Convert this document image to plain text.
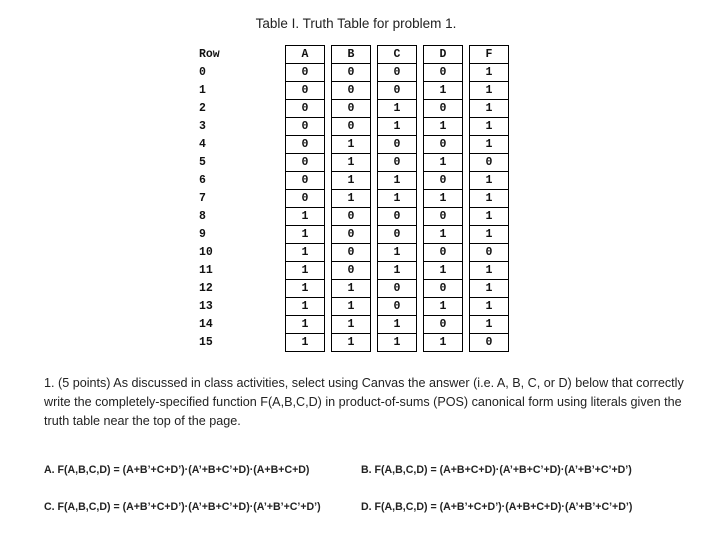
Table I. Truth Table for problem 1.
Row		A		B		C		D		F
0		0		0		0		0		1
1		0		0		0		1		1
2		0		0		1		0		1
3		0		0		1		1		1
4		0		1		0		0		1
5		0		1		0		1		0
6		0		1		1		0		1
7		0		1		1		1		1
8		1		0		0		0		1
9		1		0		0		1		1
10		1		0		1		0		0
11		1		0		1		1		1
12		1		1		0		0		1
13		1		1		0		1		1
14		1		1		1		0		1
15		1		1		1		1		0
1. (5 points) As discussed in class activities, select using Canvas the answer (i.e. A, B, C, or D) below that correctly write the completely-specified function F(A,B,C,D) in product-of-sums (POS) canonical form using literals given the truth table near the top of the page.
A. F(A,B,C,D) = (A+B’+C+D’)·(A’+B+C’+D)·(A+B+C+D)	B. F(A,B,C,D) = (A+B+C+D)·(A’+B+C’+D)·(A’+B’+C’+D’)
C. F(A,B,C,D) = (A+B’+C+D’)·(A’+B+C’+D)·(A’+B’+C’+D’)	D. F(A,B,C,D) = (A+B’+C+D’)·(A+B+C+D)·(A’+B’+C’+D’)
